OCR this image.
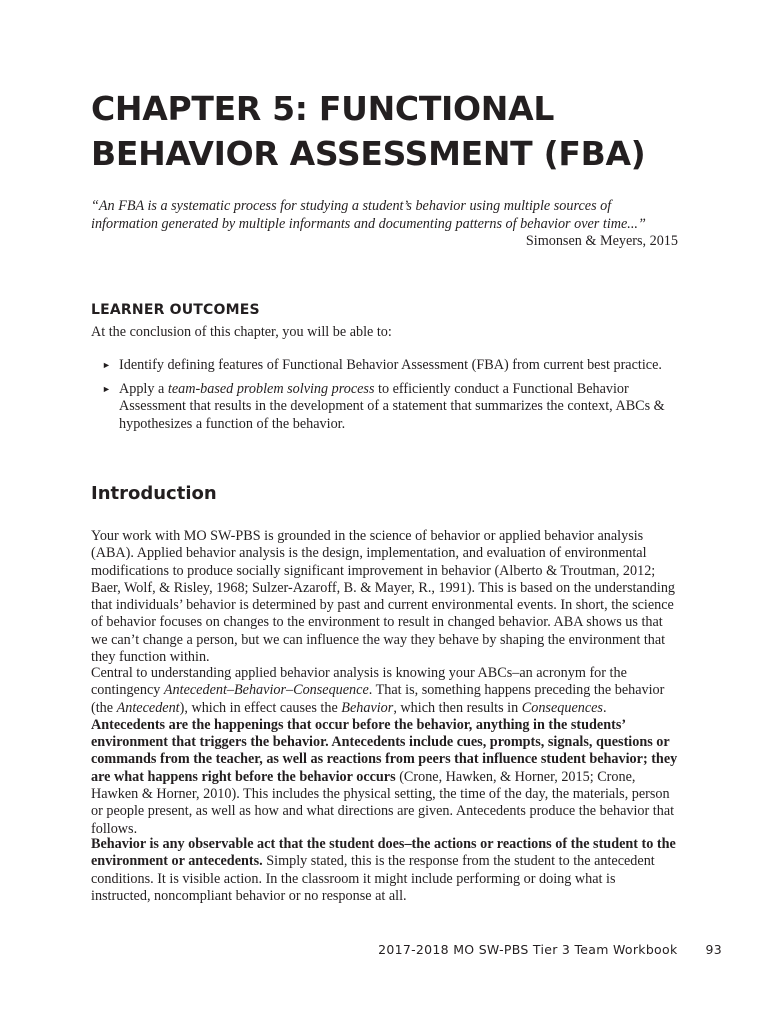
CHAPTER 5: FUNCTIONAL
BEHAVIOR ASSESSMENT (FBA)
“An FBA is a systematic process for studying a student’s behavior using multiple sources of information generated by multiple informants and documenting patterns of behavior over time...”
Simonsen & Meyers, 2015
LEARNER OUTCOMES
At the conclusion of this chapter, you will be able to:
► Identify defining features of Functional Behavior Assessment (FBA) from current best practice.
► Apply a team-based problem solving process to efficiently conduct a Functional Behavior Assessment that results in the development of a statement that summarizes the context, ABCs & hypothesizes a function of the behavior.
Introduction

Your work with MO SW-PBS is grounded in the science of behavior or applied behavior analysis (ABA). Applied behavior analysis is the design, implementation, and evaluation of environmental modifications to produce socially significant improvement in behavior (Alberto & Troutman, 2012; Baer, Wolf, & Risley, 1968; Sulzer-Azaroff, B. & Mayer, R., 1991). This is based on the understanding that individuals’ behavior is determined by past and current environmental events. In short, the science of behavior focuses on changes to the environment to result in changed behavior. ABA shows us that we can’t change a person, but we can influence the way they behave by shaping the environment that they function within.

Central to understanding applied behavior analysis is knowing your ABCs–an acronym for the contingency Antecedent–Behavior–Consequence. That is, something happens preceding the behavior (the Antecedent), which in effect causes the Behavior, which then results in Consequences. Antecedents are the happenings that occur before the behavior, anything in the students’ environment that triggers the behavior. Antecedents include cues, prompts, signals, questions or commands from the teacher, as well as reactions from peers that influence student behavior; they are what happens right before the behavior occurs (Crone, Hawken, & Horner, 2015; Crone, Hawken & Horner, 2010). This includes the physical setting, the time of the day, the materials, person or people present, as well as how and what directions are given. Antecedents produce the behavior that follows.

Behavior is any observable act that the student does–the actions or reactions of the student to the environment or antecedents. Simply stated, this is the response from the student to the antecedent conditions. It is visible action. In the classroom it might include performing or doing what is instructed, noncompliant behavior or no response at all.

2017-2018 MO SW-PBS Tier 3 Team Workbook 93
